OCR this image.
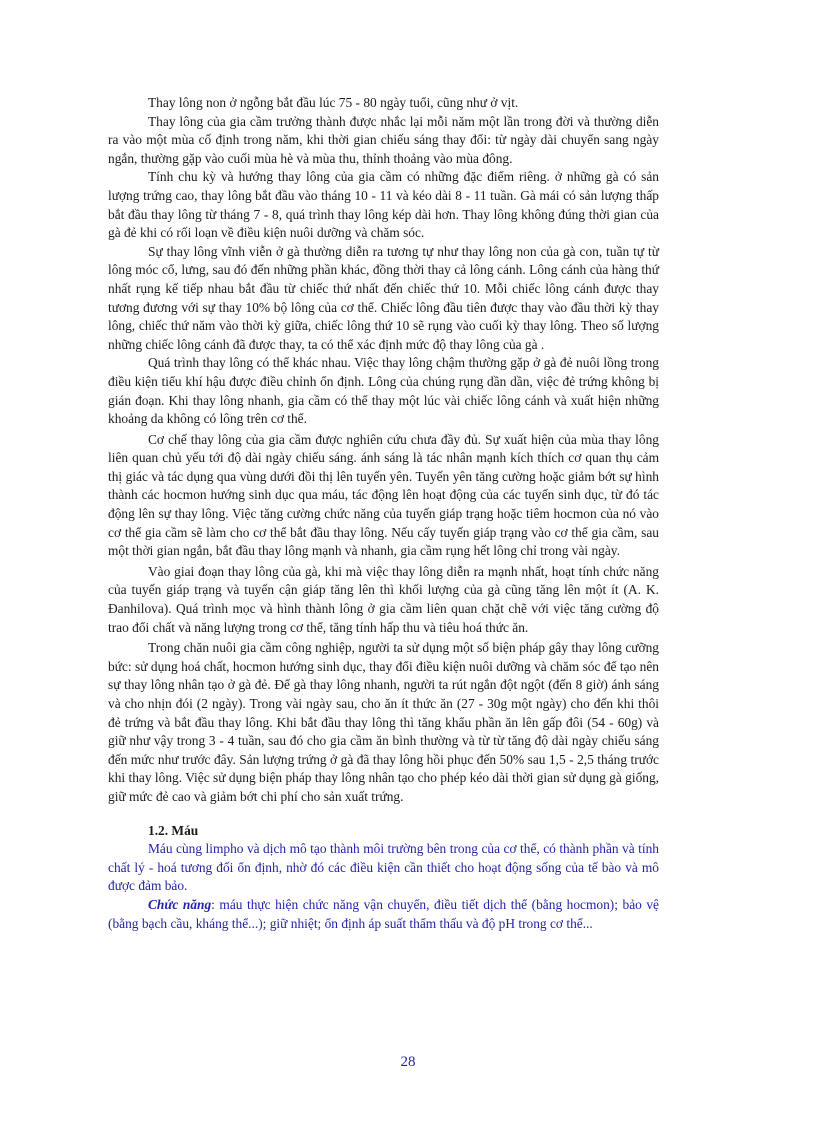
Thay lông non ở ngỗng bắt đầu lúc 75 - 80 ngày tuổi, cũng như ở vịt.

Thay lông của gia cầm trưởng thành được nhắc lại mỗi năm một lần trong đời và thường diễn ra vào một mùa cố định trong năm, khi thời gian chiếu sáng thay đổi: từ ngày dài chuyển sang ngày ngắn, thường gặp vào cuối mùa hè và mùa thu, thỉnh thoảng vào mùa đông.

Tính chu kỳ và hướng thay lông của gia cầm có những đặc điểm riêng. ở những gà có sản lượng trứng cao, thay lông bắt đầu vào tháng 10 - 11 và kéo dài 8 - 11 tuần. Gà mái có sản lượng thấp bắt đầu thay lông từ tháng 7 - 8, quá trình thay lông kép dài hơn. Thay lông không đúng thời gian của gà đẻ khi có rối loạn về điều kiện nuôi dưỡng và chăm sóc.

Sự thay lông vĩnh viễn ở gà thường diễn ra tương tự như thay lông non của gà con, tuần tự từ lông móc cổ, lưng, sau đó đến những phần khác, đồng thời thay cả lông cánh. Lông cánh của hàng thứ nhất rụng kế tiếp nhau bắt đầu từ chiếc thứ nhất đến chiếc thứ 10. Mỗi chiếc lông cánh được thay tương đương với sự thay 10% bộ lông của cơ thể. Chiếc lông đầu tiên được thay vào đầu thời kỳ thay lông, chiếc thứ năm vào thời kỳ giữa, chiếc lông thứ 10 sẽ rụng vào cuối kỳ thay lông. Theo số lượng những chiếc lông cánh đã được thay, ta có thể xác định mức độ thay lông của gà .

Quá trình thay lông có thể khác nhau. Việc thay lông chậm thường gặp ở gà đẻ nuôi lồng trong điều kiện tiểu khí hậu được điều chỉnh ổn định. Lông của chúng rụng dần dần, việc đẻ trứng không bị gián đoạn. Khi thay lông nhanh, gia cầm có thể thay một lúc vài chiếc lông cánh và xuất hiện những khoảng da không có lông trên cơ thể.

Cơ chế thay lông của gia cầm được nghiên cứu chưa đầy đủ. Sự xuất hiện của mùa thay lông liên quan chủ yếu tới độ dài ngày chiếu sáng. ánh sáng là tác nhân mạnh kích thích cơ quan thụ cảm thị giác và tác dụng qua vùng dưới đồi thị lên tuyến yên. Tuyến yên tăng cường hoặc giảm bớt sự hình thành các hocmon hướng sinh dục qua máu, tác động lên hoạt động của các tuyến sinh dục, từ đó tác động lên sự thay lông. Việc tăng cường chức năng của tuyến giáp trạng hoặc tiêm hocmon của nó vào cơ thể gia cầm sẽ làm cho cơ thể bắt đầu thay lông. Nếu cấy tuyến giáp trạng vào cơ thể gia cầm, sau một thời gian ngắn, bắt đầu thay lông mạnh và nhanh, gia cầm rụng hết lông chỉ trong vài ngày.

Vào giai đoạn thay lông của gà, khi mà việc thay lông diễn ra mạnh nhất, hoạt tính chức năng của tuyến giáp trạng và tuyến cận giáp tăng lên thì khối lượng của gà cũng tăng lên một ít (A. K. Đanhilova). Quá trình mọc và hình thành lông ở gia cầm liên quan chặt chẽ với việc tăng cường độ trao đổi chất và năng lượng trong cơ thể, tăng tính hấp thu và tiêu hoá thức ăn.

Trong chăn nuôi gia cầm công nghiệp, người ta sử dụng một số biện pháp gây thay lông cưỡng bức: sử dụng hoá chất, hocmon hướng sinh dục, thay đổi điều kiện nuôi dưỡng và chăm sóc để tạo nên sự thay lông nhân tạo ở gà đẻ. Để gà thay lông nhanh, người ta rút ngắn đột ngột (đến 8 giờ) ánh sáng và cho nhịn đói (2 ngày). Trong vài ngày sau, cho ăn ít thức ăn (27 - 30g một ngày) cho đến khi thôi đẻ trứng và bắt đầu thay lông. Khi bắt đầu thay lông thì tăng khẩu phần ăn lên gấp đôi (54 - 60g) và giữ như vậy trong 3 - 4 tuần, sau đó cho gia cầm ăn bình thường và từ từ tăng độ dài ngày chiếu sáng đến mức như trước đây. Sản lượng trứng ở gà đã thay lông hồi phục đến 50% sau 1,5 - 2,5 tháng trước khi thay lông. Việc sử dụng biện pháp thay lông nhân tạo cho phép kéo dài thời gian sử dụng gà giống, giữ mức đẻ cao và giảm bớt chi phí cho sản xuất trứng.

1.2. Máu

Máu cùng limpho và dịch mô tạo thành môi trường bên trong của cơ thể, có thành phần và tính chất lý - hoá tương đối ổn định, nhờ đó các điều kiện cần thiết cho hoạt động sống của tế bào và mô được đảm bảo.

Chức năng: máu thực hiện chức năng vận chuyển, điều tiết dịch thể (bằng hocmon); bảo vệ (bằng bạch cầu, kháng thể...); giữ nhiệt; ổn định áp suất thẩm thấu và độ pH trong cơ thể...

28
